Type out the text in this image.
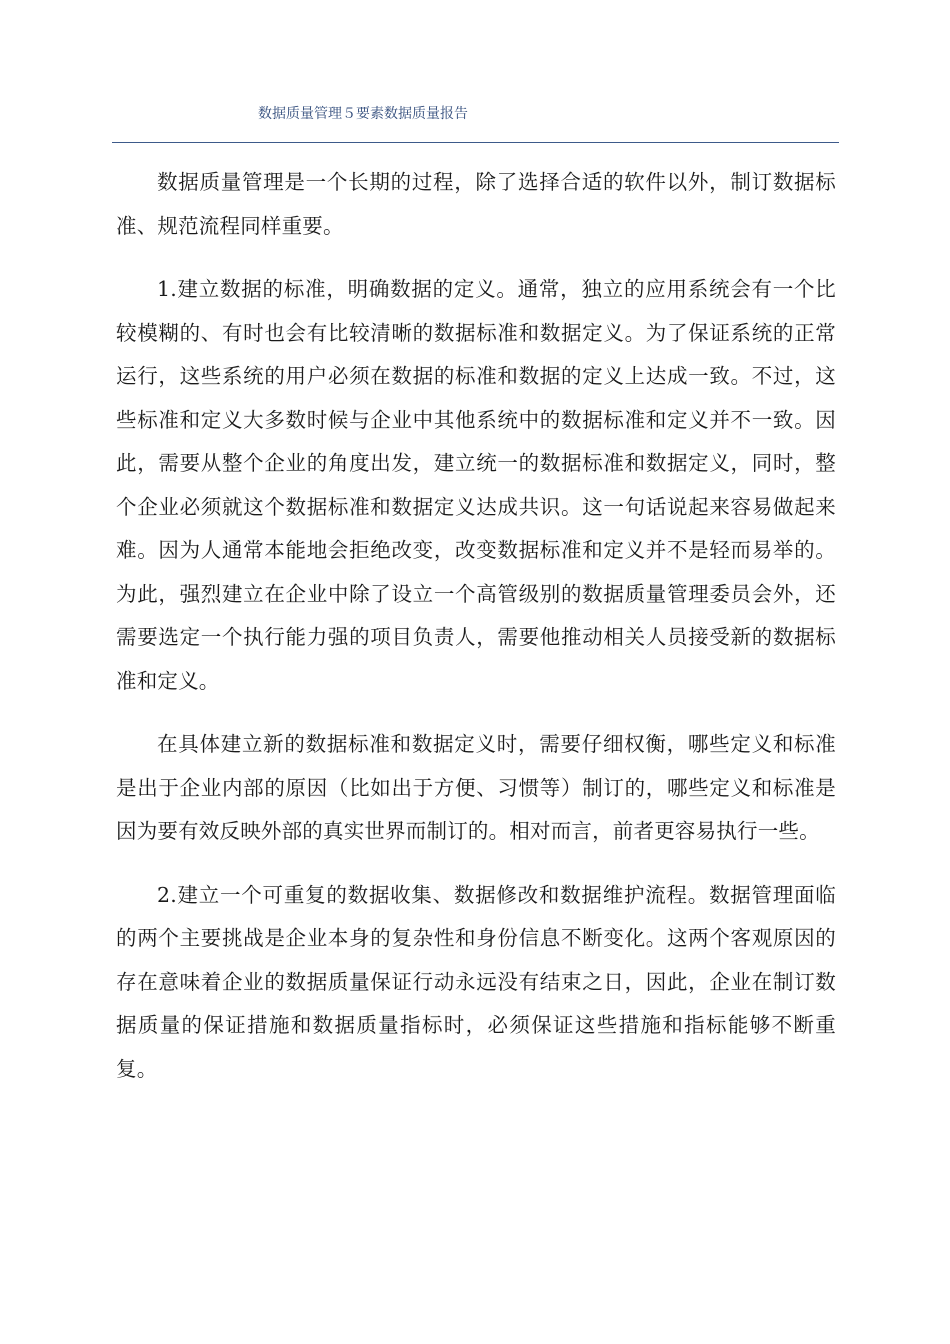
数据质量管理５要素数据质量报告

数据质量管理是一个长期的过程，除了选择合适的软件以外，制订数据标准、规范流程同样重要。

1.建立数据的标准，明确数据的定义。通常，独立的应用系统会有一个比较模糊的、有时也会有比较清晰的数据标准和数据定义。为了保证系统的正常运行，这些系统的用户必须在数据的标准和数据的定义上达成一致。不过，这些标准和定义大多数时候与企业中其他系统中的数据标准和定义并不一致。因此，需要从整个企业的角度出发，建立统一的数据标准和数据定义，同时，整个企业必须就这个数据标准和数据定义达成共识。这一句话说起来容易做起来难。因为人通常本能地会拒绝改变，改变数据标准和定义并不是轻而易举的。为此，强烈建立在企业中除了设立一个高管级别的数据质量管理委员会外，还需要选定一个执行能力强的项目负责人，需要他推动相关人员接受新的数据标准和定义。

在具体建立新的数据标准和数据定义时，需要仔细权衡，哪些定义和标准是出于企业内部的原因（比如出于方便、习惯等）制订的，哪些定义和标准是因为要有效反映外部的真实世界而制订的。相对而言，前者更容易执行一些。

2.建立一个可重复的数据收集、数据修改和数据维护流程。数据管理面临的两个主要挑战是企业本身的复杂性和身份信息不断变化。这两个客观原因的存在意味着企业的数据质量保证行动永远没有结束之日，因此，企业在制订数据质量的保证措施和数据质量指标时，必须保证这些措施和指标能够不断重复。
